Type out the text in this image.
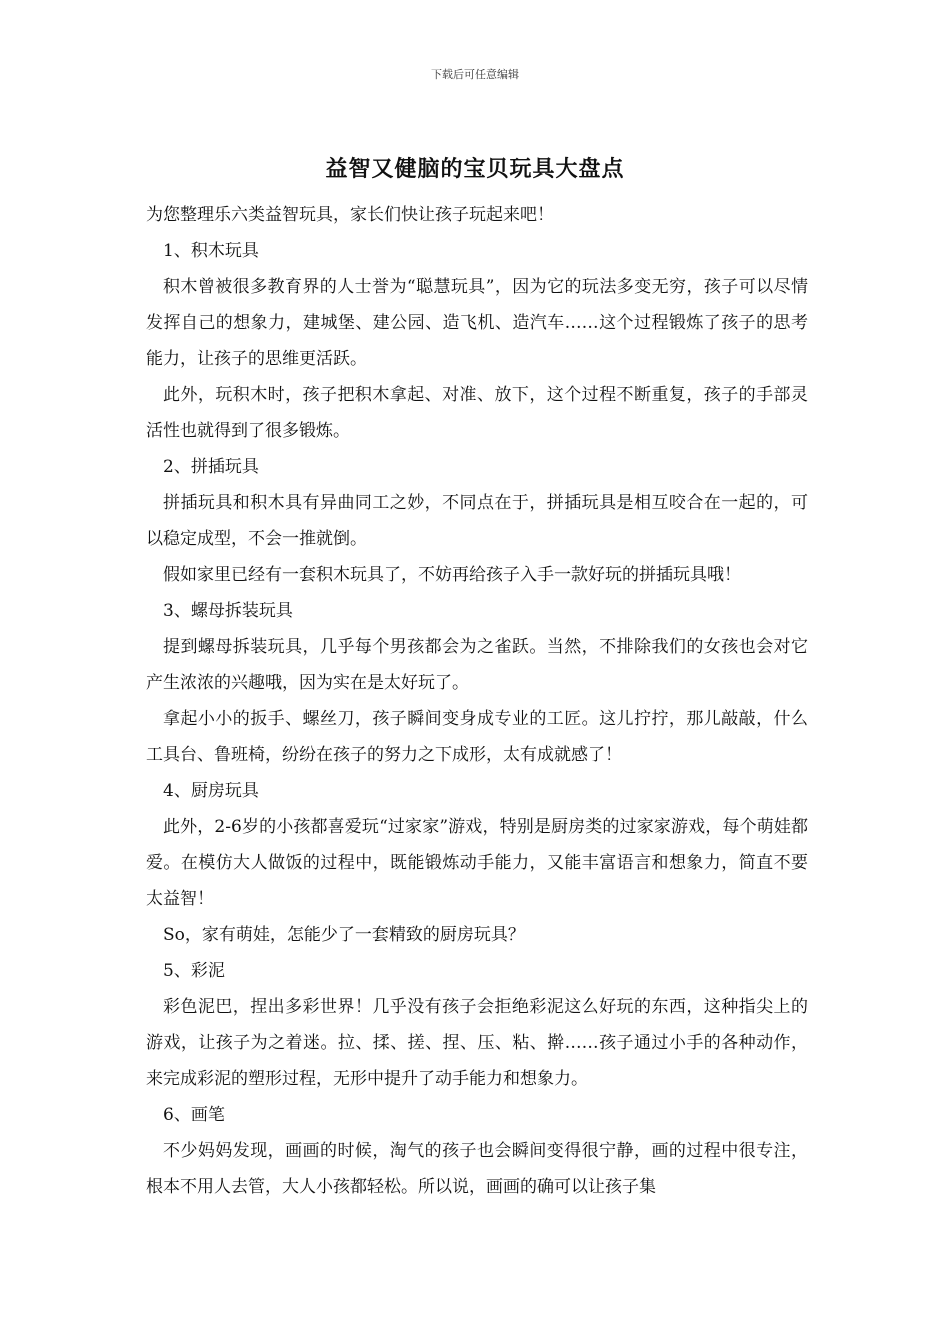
下载后可任意编辑
益智又健脑的宝贝玩具大盘点

为您整理乐六类益智玩具，家长们快让孩子玩起来吧！

1、积木玩具

积木曾被很多教育界的人士誉为“聪慧玩具”，因为它的玩法多变无穷，孩子可以尽情发挥自己的想象力，建城堡、建公园、造飞机、造汽车……这个过程锻炼了孩子的思考能力，让孩子的思维更活跃。

此外，玩积木时，孩子把积木拿起、对准、放下，这个过程不断重复，孩子的手部灵活性也就得到了很多锻炼。

2、拼插玩具

拼插玩具和积木具有异曲同工之妙，不同点在于，拼插玩具是相互咬合在一起的，可以稳定成型，不会一推就倒。

假如家里已经有一套积木玩具了，不妨再给孩子入手一款好玩的拼插玩具哦！

3、螺母拆装玩具

提到螺母拆装玩具，几乎每个男孩都会为之雀跃。当然，不排除我们的女孩也会对它产生浓浓的兴趣哦，因为实在是太好玩了。

拿起小小的扳手、螺丝刀，孩子瞬间变身成专业的工匠。这儿拧拧，那儿敲敲，什么工具台、鲁班椅，纷纷在孩子的努力之下成形，太有成就感了！

4、厨房玩具

此外，2-6岁的小孩都喜爱玩“过家家”游戏，特别是厨房类的过家家游戏，每个萌娃都爱。在模仿大人做饭的过程中，既能锻炼动手能力，又能丰富语言和想象力，简直不要太益智！

So，家有萌娃，怎能少了一套精致的厨房玩具？

5、彩泥

彩色泥巴，捏出多彩世界！几乎没有孩子会拒绝彩泥这么好玩的东西，这种指尖上的游戏，让孩子为之着迷。拉、揉、搓、捏、压、粘、擀……孩子通过小手的各种动作，来完成彩泥的塑形过程，无形中提升了动手能力和想象力。

6、画笔

不少妈妈发现，画画的时候，淘气的孩子也会瞬间变得很宁静，画的过程中很专注，根本不用人去管，大人小孩都轻松。所以说，画画的确可以让孩子集
